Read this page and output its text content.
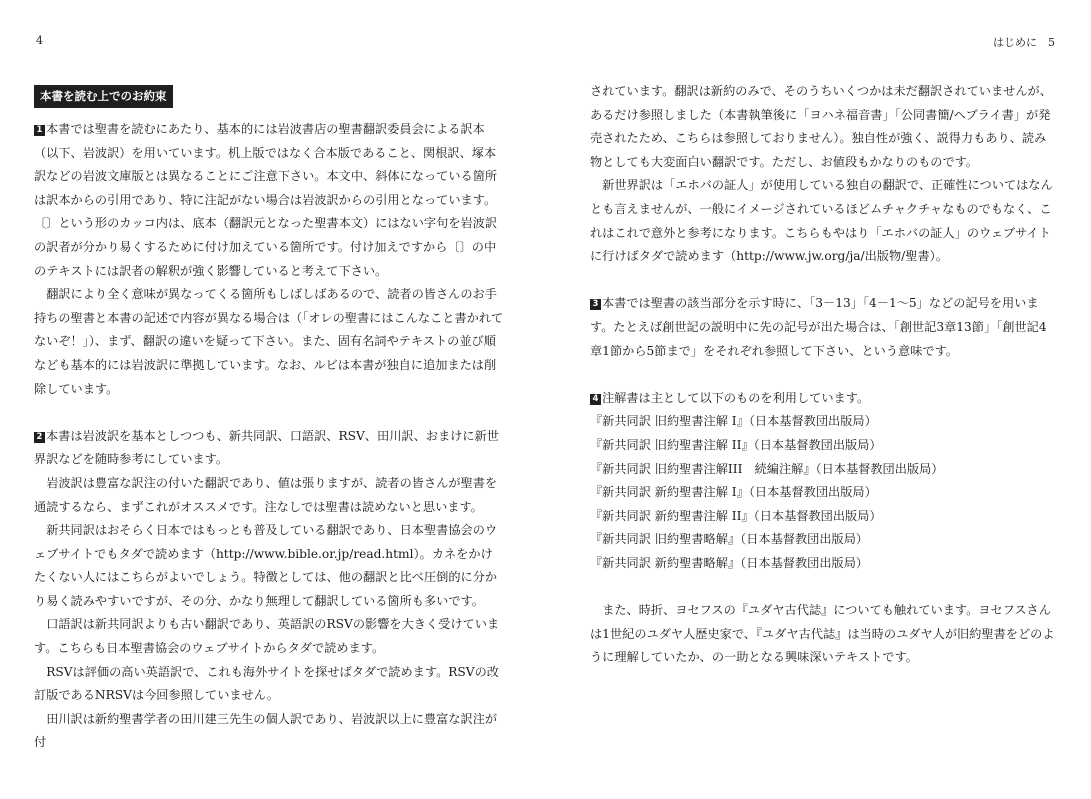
4	はじめに　5
本書を読む上でのお約束

1 本書では聖書を読むにあたり、基本的には岩波書店の聖書翻訳委員会による訳本（以下、岩波訳）を用いています。机上版ではなく合本版であること、関根訳、塚本訳などの岩波文庫版とは異なることにご注意下さい。本文中、斜体になっている箇所は訳本からの引用であり、特に注記がない場合は岩波訳からの引用となっています。〔〕という形のカッコ内は、底本（翻訳元となった聖書本文）にはない字句を岩波訳の訳者が分かり易くするために付け加えている箇所です。付け加えですから〔〕の中のテキストには訳者の解釈が強く影響していると考えて下さい。

翻訳により全く意味が異なってくる箇所もしばしばあるので、読者の皆さんのお手持ちの聖書と本書の記述で内容が異なる場合は（「オレの聖書にはこんなこと書かれてないぞ！」）、まず、翻訳の違いを疑って下さい。また、固有名詞やテキストの並び順なども基本的には岩波訳に準拠しています。なお、ルビは本書が独自に追加または削除しています。

2 本書は岩波訳を基本としつつも、新共同訳、口語訳、RSV、田川訳、おまけに新世界訳などを随時参考にしています。

岩波訳は豊富な訳注の付いた翻訳であり、値は張りますが、読者の皆さんが聖書を通読するなら、まずこれがオススメです。注なしでは聖書は読めないと思います。

新共同訳はおそらく日本ではもっとも普及している翻訳であり、日本聖書協会のウェブサイトでもタダで読めます（http://www.bible.or.jp/read.html）。カネをかけたくない人にはこちらがよいでしょう。特徴としては、他の翻訳と比べ圧倒的に分かり易く読みやすいですが、その分、かなり無理して翻訳している箇所も多いです。

口語訳は新共同訳よりも古い翻訳であり、英語訳のRSVの影響を大きく受けています。こちらも日本聖書協会のウェブサイトからタダで読めます。

RSVは評価の高い英語訳で、これも海外サイトを探せばタダで読めます。RSVの改訂版であるNRSVは今回参照していません。

田川訳は新約聖書学者の田川建三先生の個人訳であり、岩波訳以上に豊富な訳注が付

されています。翻訳は新約のみで、そのうちいくつかは未だ翻訳されていませんが、あるだけ参照しました（本書執筆後に「ヨハネ福音書」「公同書簡/ヘブライ書」が発売されたため、こちらは参照しておりません）。独自性が強く、説得力もあり、読み物としても大変面白い翻訳です。ただし、お値段もかなりのものです。

新世界訳は「エホバの証人」が使用している独自の翻訳で、正確性についてはなんとも言えませんが、一般にイメージされているほどムチャクチャなものでもなく、これはこれで意外と参考になります。こちらもやはり「エホバの証人」のウェブサイトに行けばタダで読めます（http://www.jw.org/ja/出版物/聖書）。

3 本書では聖書の該当部分を示す時に、「3－13」「4－1～5」などの記号を用います。たとえば創世記の説明中に先の記号が出た場合は、「創世記3章13節」「創世記4章1節から5節まで」をそれぞれ参照して下さい、という意味です。

4 注解書は主として以下のものを利用しています。

『新共同訳 旧約聖書注解 I』（日本基督教団出版局）

『新共同訳 旧約聖書注解 II』（日本基督教団出版局）

『新共同訳 旧約聖書注解III　続編注解』（日本基督教団出版局）

『新共同訳 新約聖書注解 I』（日本基督教団出版局）

『新共同訳 新約聖書注解 II』（日本基督教団出版局）

『新共同訳 旧約聖書略解』（日本基督教団出版局）

『新共同訳 新約聖書略解』（日本基督教団出版局）

また、時折、ヨセフスの『ユダヤ古代誌』についても触れています。ヨセフスさんは1世紀のユダヤ人歴史家で、『ユダヤ古代誌』は当時のユダヤ人が旧約聖書をどのように理解していたか、の一助となる興味深いテキストです。
